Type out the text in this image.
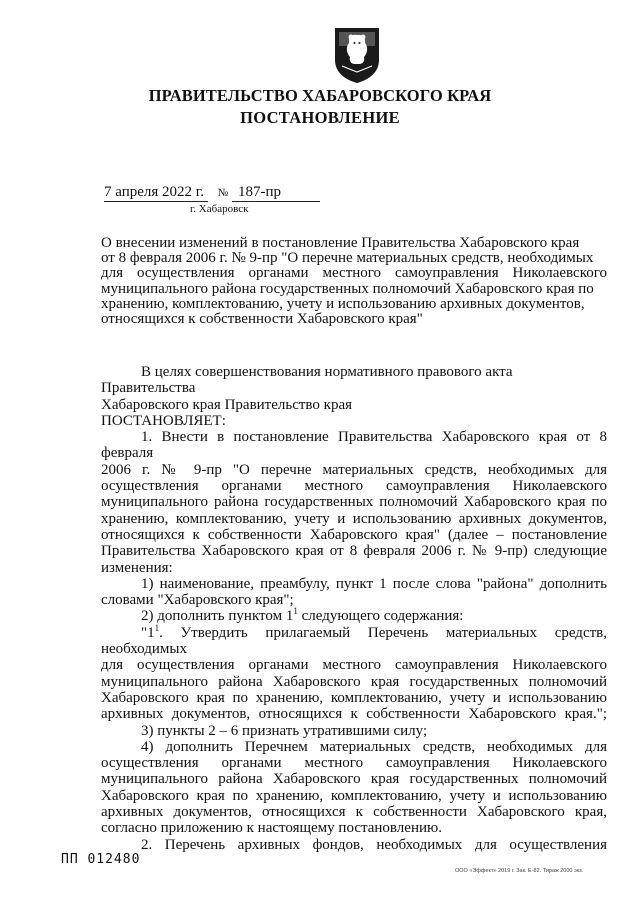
ПРАВИТЕЛЬСТВО ХАБАРОВСКОГО КРАЯ
ПОСТАНОВЛЕНИЕ
7 апреля 2022 г. № 187-пр
г. Хабаровск
О внесении изменений в постановление Правительства Хабаровского края
от 8 февраля 2006 г. № 9-пр "О перечне материальных средств, необходимых
для осуществления органами местного самоуправления Николаевского
муниципального района государственных полномочий Хабаровского края по
хранению, комплектованию, учету и использованию архивных документов,
относящихся к собственности Хабаровского края"

В целях совершенствования нормативного правового акта Правительства
Хабаровского края Правительство края
ПОСТАНОВЛЯЕТ:

1. Внести в постановление Правительства Хабаровского края от 8 февраля
2006 г. № 9-пр "О перечне материальных средств, необходимых для
осуществления органами местного самоуправления Николаевского
муниципального района государственных полномочий Хабаровского края по
хранению, комплектованию, учету и использованию архивных документов,
относящихся к собственности Хабаровского края" (далее – постановление
Правительства Хабаровского края от 8 февраля 2006 г. № 9-пр) следующие
изменения:

1) наименование, преамбулу, пункт 1 после слова "района" дополнить
словами "Хабаровского края";

2) дополнить пунктом $1^1$ следующего содержания:

"$1^1$. Утвердить прилагаемый Перечень материальных средств, необходимых
для осуществления органами местного самоуправления Николаевского
муниципального района Хабаровского края государственных полномочий
Хабаровского края по хранению, комплектованию, учету и использованию
архивных документов, относящихся к собственности Хабаровского края.";

3) пункты 2 – 6 признать утратившими силу;

4) дополнить Перечнем материальных средств, необходимых для
осуществления органами местного самоуправления Николаевского
муниципального района Хабаровского края государственных полномочий
Хабаровского края по хранению, комплектованию, учету и использованию
архивных документов, относящихся к собственности Хабаровского края,
согласно приложению к настоящему постановлению.

2. Перечень архивных фондов, необходимых для осуществления

ПП 012480
ООО «Эффект» 2019 г. Зак. Е-82. Тираж 2000 экз.
